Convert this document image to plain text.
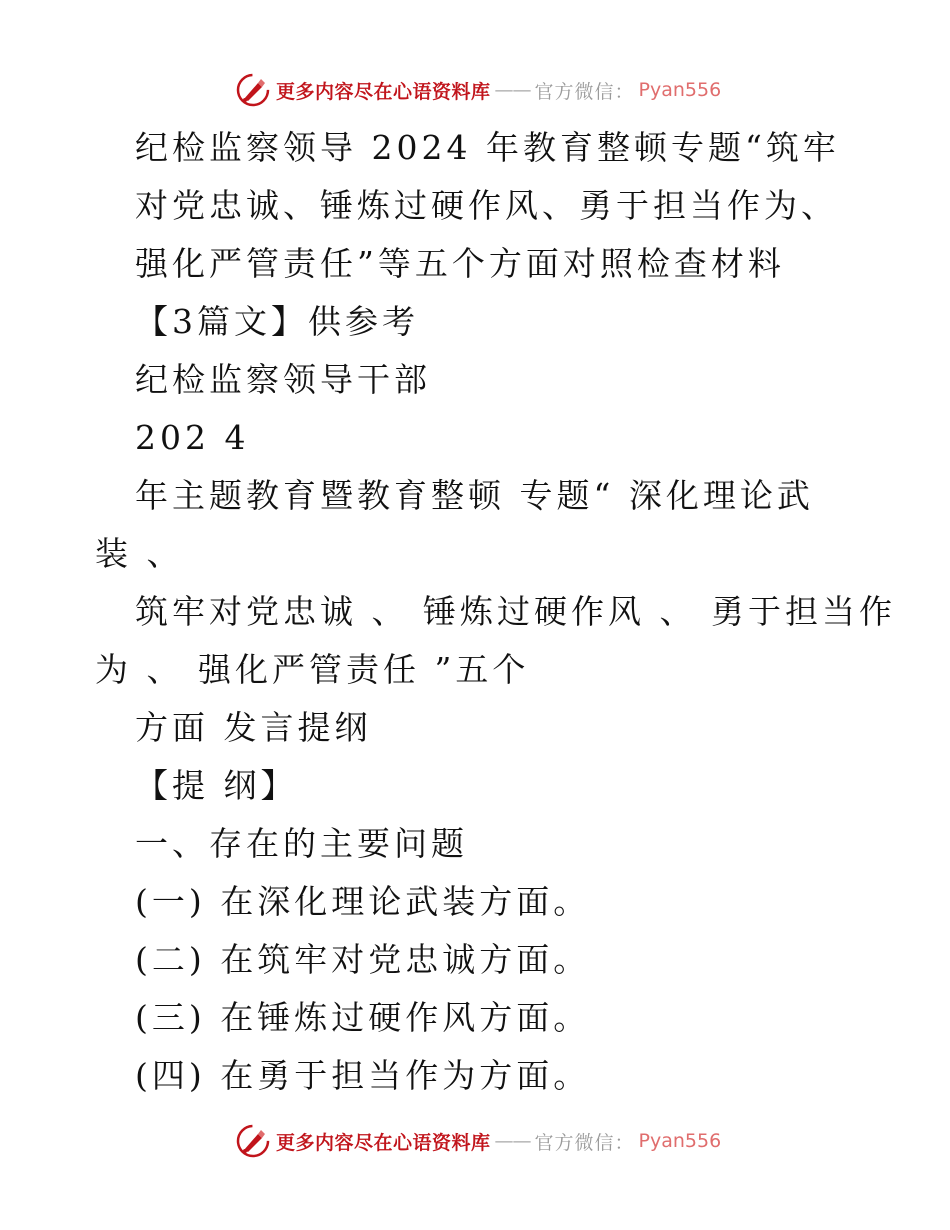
更多内容尽在心语资料库 —— 官方微信： Pyan556
纪检监察领导 2024 年教育整顿专题“筑牢
对党忠诚、锤炼过硬作风、勇于担当作为、
强化严管责任”等五个方面对照检查材料
【3篇文】供参考
纪检监察领导干部
202 4
年主题教育暨教育整顿 专题“ 深化理论武
装 、
筑牢对党忠诚 、 锤炼过硬作风 、 勇于担当作
为 、 强化严管责任 ”五个
方面 发言提纲
【提 纲】
一、存在的主要问题
(一) 在深化理论武装方面。
(二) 在筑牢对党忠诚方面。
(三) 在锤炼过硬作风方面。
(四) 在勇于担当作为方面。
更多内容尽在心语资料库 —— 官方微信： Pyan556
